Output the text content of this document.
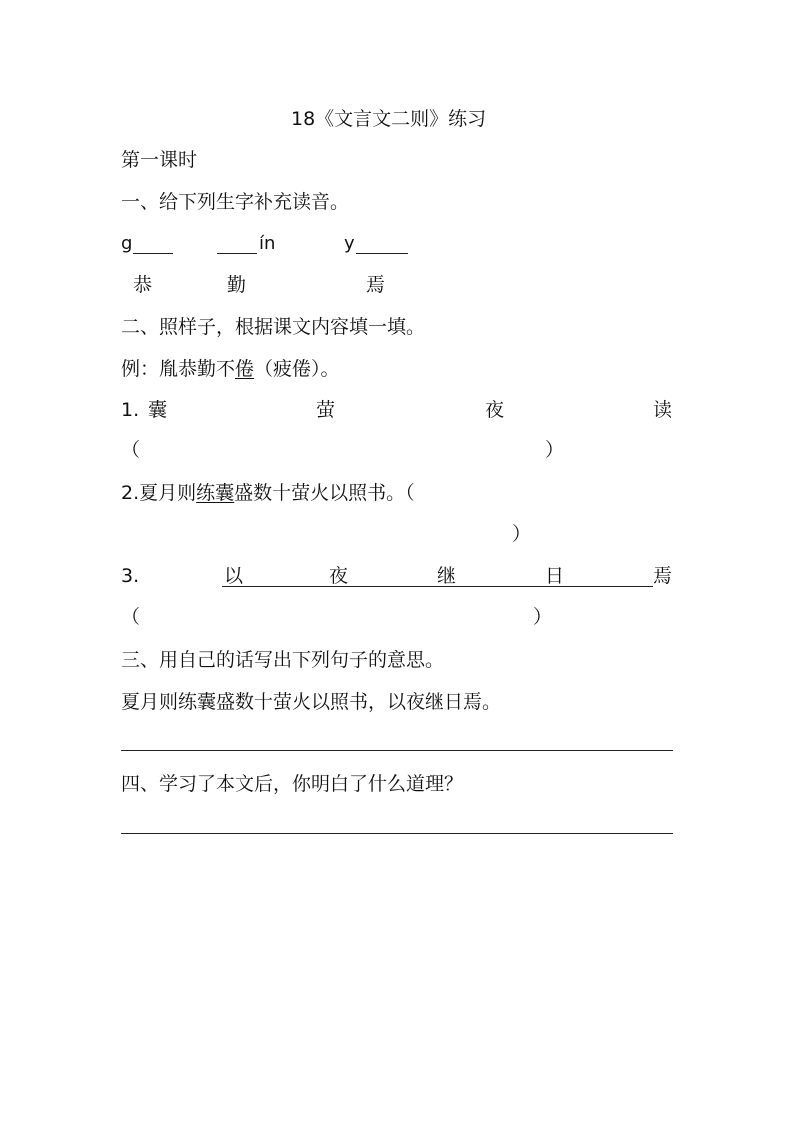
18《文言文二则》练习
第一课时
一、给下列生字补充读音。
g	ín	y
恭	勤	焉
二、照样子，根据课文内容填一填。
例：胤恭勤不倦（疲倦）。
1. 囊	萤	夜	读
（	）
2.夏月则练囊盛数十萤火以照书。（
）
3.	以	夜	继	日	焉
（	）
三、用自己的话写出下列句子的意思。
夏月则练囊盛数十萤火以照书，以夜继日焉。
四、学习了本文后，你明白了什么道理？
